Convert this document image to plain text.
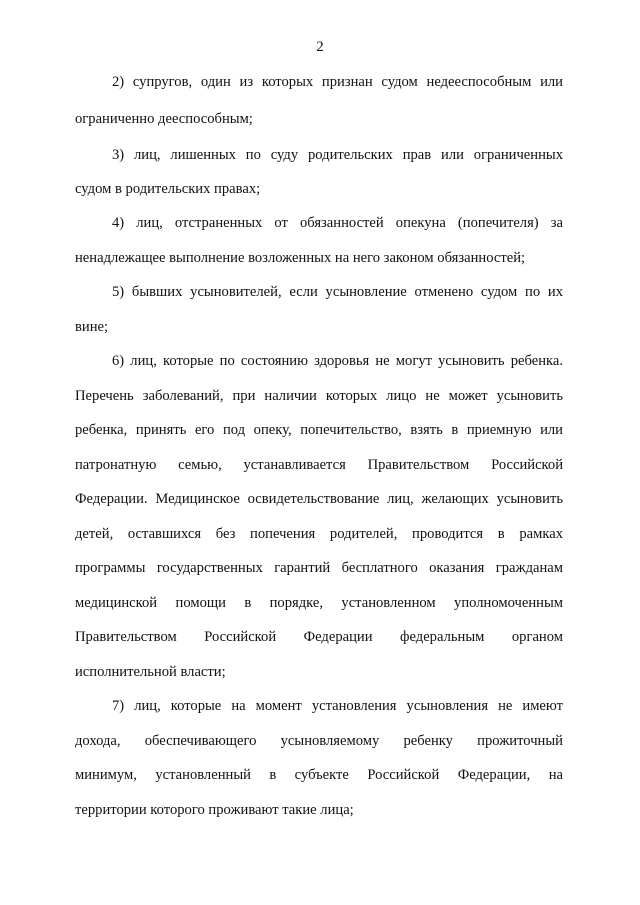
2
2) супругов, один из которых признан судом недееспособным или
ограниченно дееспособным;
3) лиц, лишенных по суду родительских прав или ограниченных
судом в родительских правах;
4) лиц, отстраненных от обязанностей опекуна (попечителя) за
ненадлежащее выполнение возложенных на него законом обязанностей;
5) бывших усыновителей, если усыновление отменено судом по их
вине;
6) лиц, которые по состоянию здоровья не могут усыновить ребенка.
Перечень заболеваний, при наличии которых лицо не может усыновить
ребенка, принять его под опеку, попечительство, взять в приемную или
патронатную семью, устанавливается Правительством Российской
Федерации. Медицинское освидетельствование лиц, желающих усыновить
детей, оставшихся без попечения родителей, проводится в рамках
программы государственных гарантий бесплатного оказания гражданам
медицинской помощи в порядке, установленном уполномоченным
Правительством Российской Федерации федеральным органом
исполнительной власти;
7) лиц, которые на момент установления усыновления не имеют
дохода, обеспечивающего усыновляемому ребенку прожиточный
минимум, установленный в субъекте Российской Федерации, на
территории которого проживают такие лица;
